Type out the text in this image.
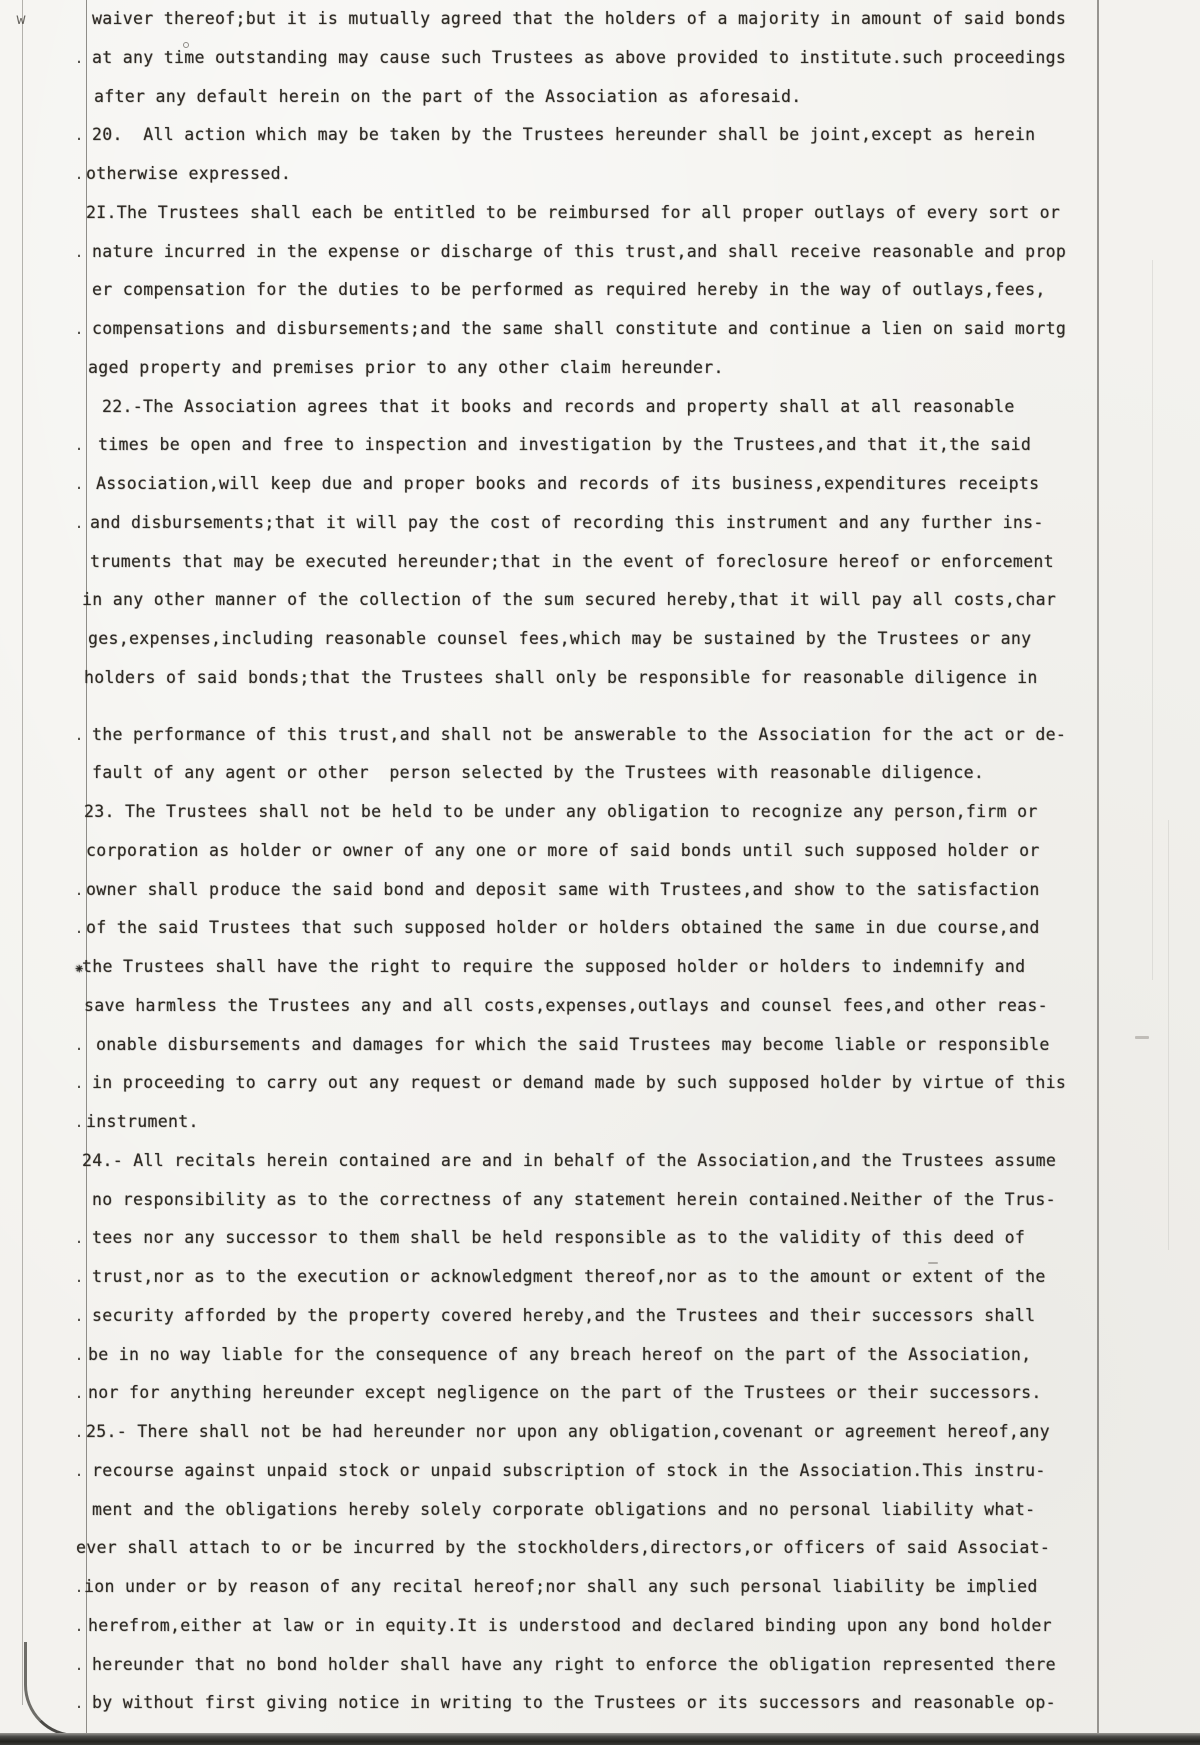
w	waiver thereof;but it is mutually agreed that the holders of a majority in amount of said bonds
. at any time outstanding may cause such Trustees as above provided to institute.such proceedings
after any default herein on the part of the Association as aforesaid.
. 20.  All action which may be taken by the Trustees hereunder shall be joint,except as herein
. otherwise expressed.
2I.The Trustees shall each be entitled to be reimbursed for all proper outlays of every sort or
. nature incurred in the expense or discharge of this trust,and shall receive reasonable and prop
er compensation for the duties to be performed as required hereby in the way of outlays,fees,
. compensations and disbursements;and the same shall constitute and continue a lien on said mortg
aged property and premises prior to any other claim hereunder.
22.-The Association agrees that it books and records and property shall at all reasonable
. times be open and free to inspection and investigation by the Trustees,and that it,the said
. Association,will keep due and proper books and records of its business,expenditures receipts
. and disbursements;that it will pay the cost of recording this instrument and any further ins-
truments that may be executed hereunder;that in the event of foreclosure hereof or enforcement
in any other manner of the collection of the sum secured hereby,that it will pay all costs,char
ges,expenses,including reasonable counsel fees,which may be sustained by the Trustees or any
holders of said bonds;that the Trustees shall only be responsible for reasonable diligence in
. the performance of this trust,and shall not be answerable to the Association for the act or de-
fault of any agent or other  person selected by the Trustees with reasonable diligence.
23. The Trustees shall not be held to be under any obligation to recognize any person,firm or
corporation as holder or owner of any one or more of said bonds until such supposed holder or
. owner shall produce the said bond and deposit same with Trustees,and show to the satisfaction
. of the said Trustees that such supposed holder or holders obtained the same in due course,and
✳ the Trustees shall have the right to require the supposed holder or holders to indemnify and
save harmless the Trustees any and all costs,expenses,outlays and counsel fees,and other reas-
. onable disbursements and damages for which the said Trustees may become liable or responsible
. in proceeding to carry out any request or demand made by such supposed holder by virtue of this
. instrument.
24.- All recitals herein contained are and in behalf of the Association,and the Trustees assume
no responsibility as to the correctness of any statement herein contained.Neither of the Trus-
. tees nor any successor to them shall be held responsible as to the validity of this deed of
. trust,nor as to the execution or acknowledgment thereof,nor as to the amount or extent of the
. security afforded by the property covered hereby,and the Trustees and their successors shall
. be in no way liable for the consequence of any breach hereof on the part of the Association,
. nor for anything hereunder except negligence on the part of the Trustees or their successors.
. 25.- There shall not be had hereunder nor upon any obligation,covenant or agreement hereof,any
. recourse against unpaid stock or unpaid subscription of stock in the Association.This instru-
ment and the obligations hereby solely corporate obligations and no personal liability what-
ever shall attach to or be incurred by the stockholders,directors,or officers of said Associat-
. ion under or by reason of any recital hereof;nor shall any such personal liability be implied
. herefrom,either at law or in equity.It is understood and declared binding upon any bond holder
. hereunder that no bond holder shall have any right to enforce the obligation represented there
. by without first giving notice in writing to the Trustees or its successors and reasonable op-
